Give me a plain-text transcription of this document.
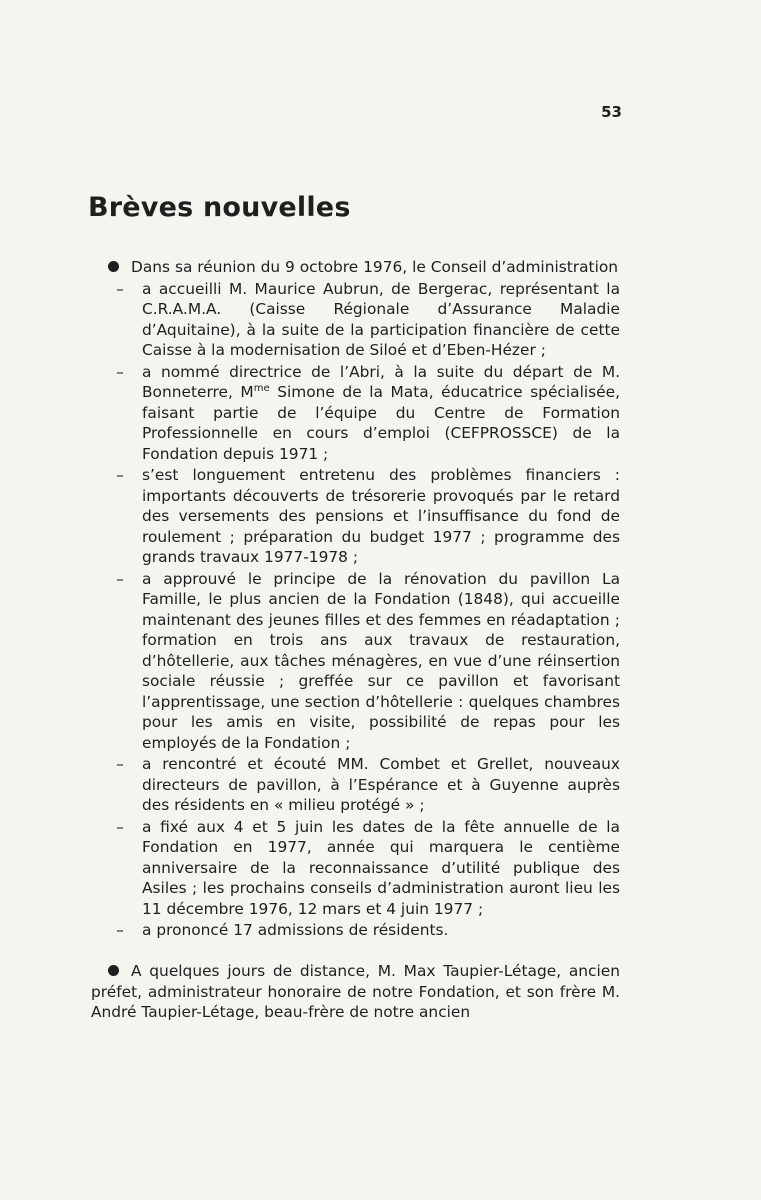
53
Brèves nouvelles

Dans sa réunion du 9 octobre 1976, le Conseil d’administration

– a accueilli M. Maurice Aubrun, de Bergerac, représentant la C.R.A.M.A. (Caisse Régionale d’Assurance Maladie d’Aquitaine), à la suite de la participation financière de cette Caisse à la modernisation de Siloé et d’Eben-Hézer ;
– a nommé directrice de l’Abri, à la suite du départ de M. Bonneterre, $M^{me}$ Simone de la Mata, éducatrice spécialisée, faisant partie de l’équipe du Centre de Formation Professionnelle en cours d’emploi (CEFPROSSCE) de la Fondation depuis 1971 ;
– s’est longuement entretenu des problèmes financiers : importants découverts de trésorerie provoqués par le retard des versements des pensions et l’insuffisance du fond de roulement ; préparation du budget 1977 ; programme des grands travaux 1977-1978 ;
– a approuvé le principe de la rénovation du pavillon La Famille, le plus ancien de la Fondation (1848), qui accueille maintenant des jeunes filles et des femmes en réadaptation ; formation en trois ans aux travaux de restauration, d’hôtellerie, aux tâches ménagères, en vue d’une réinsertion sociale réussie ; greffée sur ce pavillon et favorisant l’apprentissage, une section d’hôtellerie : quelques chambres pour les amis en visite, possibilité de repas pour les employés de la Fondation ;
– a rencontré et écouté MM. Combet et Grellet, nouveaux directeurs de pavillon, à l’Espérance et à Guyenne auprès des résidents en « milieu protégé » ;
– a fixé aux 4 et 5 juin les dates de la fête annuelle de la Fondation en 1977, année qui marquera le centième anniversaire de la reconnaissance d’utilité publique des Asiles ; les prochains conseils d’administration auront lieu les 11 décembre 1976, 12 mars et 4 juin 1977 ;
– a prononcé 17 admissions de résidents.

A quelques jours de distance, M. Max Taupier-Létage, ancien préfet, administrateur honoraire de notre Fondation, et son frère M. André Taupier-Létage, beau-frère de notre ancien
